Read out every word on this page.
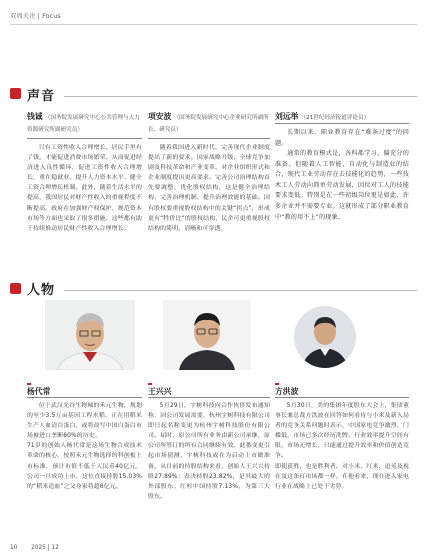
双周关注 | Focus
声音
钱诚 （国务院发展研究中心公共管理与人力资源研究所副研究员）
只有工资性收入合理增长、居民手里有了钱，才能促进消费市场繁荣。从而促进经济进入良性循环，促进工资性收入合理增长，重在稳就业、提升人力资本水平、健全工资合理增长机制。此外，随着生活水平的提高，我国居民对财产性收入的重视程度不断提高。政府在加强财产权保护、规范资本市场等方面也采取了很多措施，这些都有助于持续推动居民财产性收入合理增长。
项安波 （国务院发展研究中心企业研究所副所长、研究员）
随着我国进入新时代，完善现代企业制度提出了新的要求。国家战略升级、全球竞争加剧及科技革命和产业变革，对企业组织形式和企业制度提出更高要求。完善公司治理结构首先要调整、优化股权结构，这是健全治理结构、完善治理机制、提升治理效能的基础。国有股权要重视股权结构中的关键“拐点”，形成更有“牲价比”的股权结构，民企可更重视股权结构的简明、清晰和可穿透。
刘远举 （21世纪经济报道评论员）
长期以来，职业教育存在“难条过度”的问题。
通常的教育模式是，各科都学习，偏充分的准备。但随着人工智能、自动化与制造业的结合，现代工业劳动存在去技能化的趋势，一些技术工人劳动向简单劳动发展，因位对工人的技能要求变低。特别是在一些初级岗位更是如此，许多企业并不需要专业。这就形成了部分职业教育中“教的用不上”的现象。
人物
杨代常
位于武汉光谷生物城的禾元生物，规划的至少3.5万亩基因工程水稻，正在用稻米生产人血清白蛋白，或将改写中国白蛋白市场被进口垄断60%的历史。
71岁的创始人杨代常是这场生物合成技术革命的核心。按照禾元生物选择的科创板上市标准，预计市值不低于人民币40亿元，公司一旦成功上市，这位直接持股15.03%的“稻米造血”之父身家将超6亿元。
王兴兴
5月29日，宇树科技向合作伙伴发布通知称，因公司发展需要，杭州宇树科技有限公司即日起名称变更为杭州宇树科技股份有限公司。届时，原公司所有业务由新公司承继，原公司所签订的所有合同继续有效。此番变更引起市场猜测，宇树科技或在为启动上市做准备。从目前的持股结构来看，创始人王兴兴持股27.89%；表决持股23.82%，是其最大的外部股东；红杉中国持股7.13%，为第三大股东。
方洪波
5月30日，美的集团年度股东大会上，集团董事长兼总裁方洪波在回答如何看待与小米及新入局者的竞争关系问题时表示，中国家电竞争激烈，门槛低，市场已多次经历洗牌。行业效率提升空间有限，市场无增长，只能通过提升效率和价值创造竞争。
即使获胜，也是胜利者。对小米、红米、追觅及视在及这条打市场都一样，在他看来，现在进入家电行业在战略上已处于劣势。
10 2025 | 12
